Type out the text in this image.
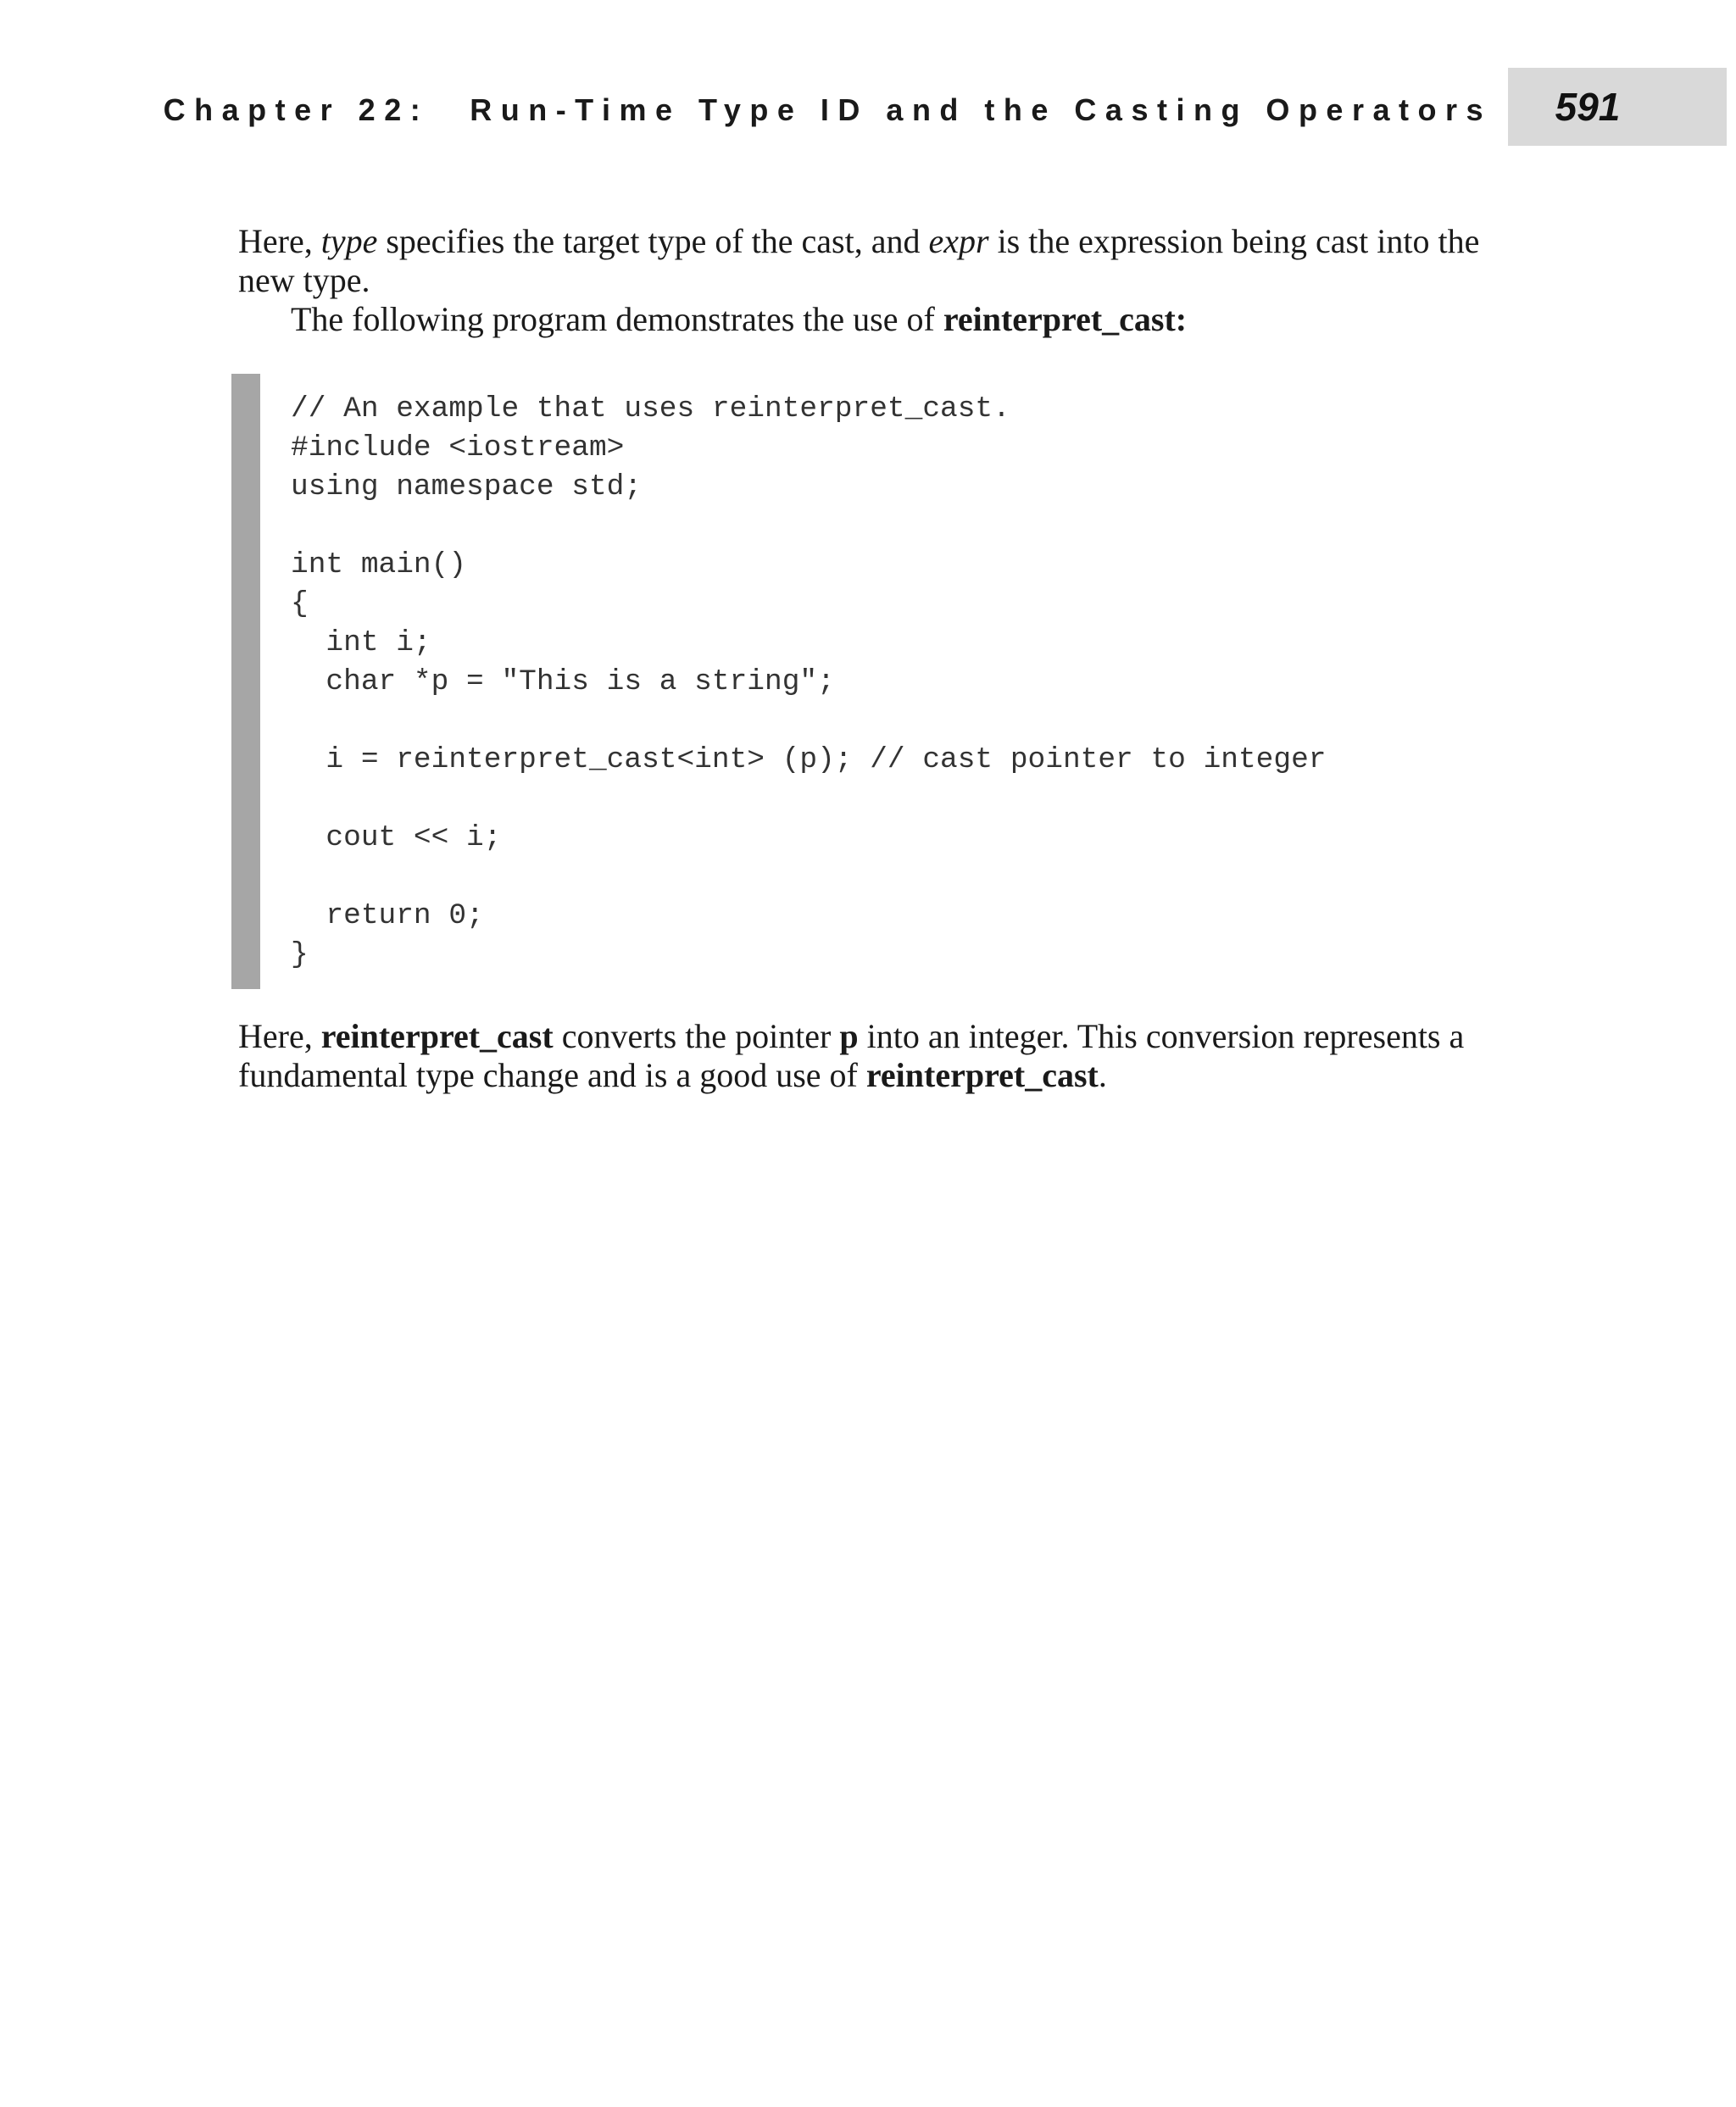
Chapter 22: Run-Time Type ID and the Casting Operators	591

Here, type specifies the target type of the cast, and expr is the expression being cast into the new type.

The following program demonstrates the use of reinterpret_cast:

// An example that uses reinterpret_cast.
#include <iostream>
using namespace std;
int main()
{
int i;
char *p = "This is a string";
i = reinterpret_cast<int> (p); // cast pointer to integer
cout << i;
return 0;
}

Here, reinterpret_cast converts the pointer p into an integer. This conversion represents a fundamental type change and is a good use of reinterpret_cast.
